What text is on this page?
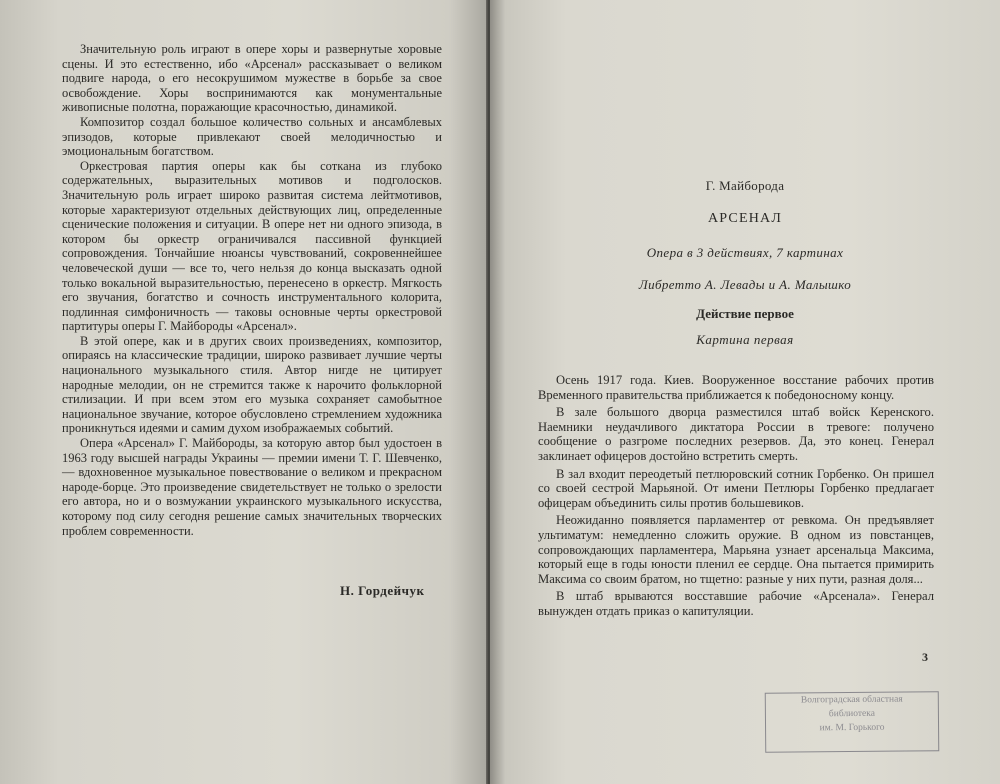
Значительную роль играют в опере хоры и развернутые хоровые сцены. И это естественно, ибо «Арсенал» рассказывает о великом подвиге народа, о его несокрушимом мужестве в борьбе за свое освобождение. Хоры воспринимаются как монументальные живописные полотна, поражающие красочностью, динамикой.

Композитор создал большое количество сольных и ансамблевых эпизодов, которые привлекают своей мелодичностью и эмоциональным богатством.

Оркестровая партия оперы как бы соткана из глубоко содержательных, выразительных мотивов и подголосков. Значительную роль играет широко развитая система лейтмотивов, которые характеризуют отдельных действующих лиц, определенные сценические положения и ситуации. В опере нет ни одного эпизода, в котором бы оркестр ограничивался пассивной функцией сопровождения. Тончайшие нюансы чувствований, сокровеннейшее человеческой души — все то, чего нельзя до конца высказать одной только вокальной выразительностью, перенесено в оркестр. Мягкость его звучания, богатство и сочность инструментального колорита, подлинная симфоничность — таковы основные черты оркестровой партитуры оперы Г. Майбороды «Арсенал».

В этой опере, как и в других своих произведениях, композитор, опираясь на классические традиции, широко развивает лучшие черты национального музыкального стиля. Автор нигде не цитирует народные мелодии, он не стремится также к нарочито фольклорной стилизации. И при всем этом его музыка сохраняет самобытное национальное звучание, которое обусловлено стремлением художника проникнуться идеями и самим духом изображаемых событий.

Опера «Арсенал» Г. Майбороды, за которую автор был удостоен в 1963 году высшей награды Украины — премии имени Т. Г. Шевченко, — вдохновенное музыкальное повествование о великом и прекрасном народе-борце. Это произведение свидетельствует не только о зрелости его автора, но и о возмужании украинского музыкального искусства, которому под силу сегодня решение самых значительных творческих проблем современности.

Н. Гордейчук
Г. Майборода
АРСЕНАЛ
Опера в 3 действиях, 7 картинах
Либретто А. Левады и А. Малышко
Действие первое
Картина первая

Осень 1917 года. Киев. Вооруженное восстание рабочих против Временного правительства приближается к победоносному концу.

В зале большого дворца разместился штаб войск Керенского. Наемники неудачливого диктатора России в тревоге: получено сообщение о разгроме последних резервов. Да, это конец. Генерал заклинает офицеров достойно встретить смерть.

В зал входит переодетый петлюровский сотник Горбенко. Он пришел со своей сестрой Марьяной. От имени Петлюры Горбенко предлагает офицерам объединить силы против большевиков.

Неожиданно появляется парламентер от ревкома. Он предъявляет ультиматум: немедленно сложить оружие. В одном из повстанцев, сопровождающих парламентера, Марьяна узнает арсенальца Максима, который еще в годы юности пленил ее сердце. Она пытается примирить Максима со своим братом, но тщетно: разные у них пути, разная доля...

В штаб врываются восставшие рабочие «Арсенала». Генерал вынужден отдать приказ о капитуляции.

3
Волгоградская областная
библиотека
им. М. Горького
